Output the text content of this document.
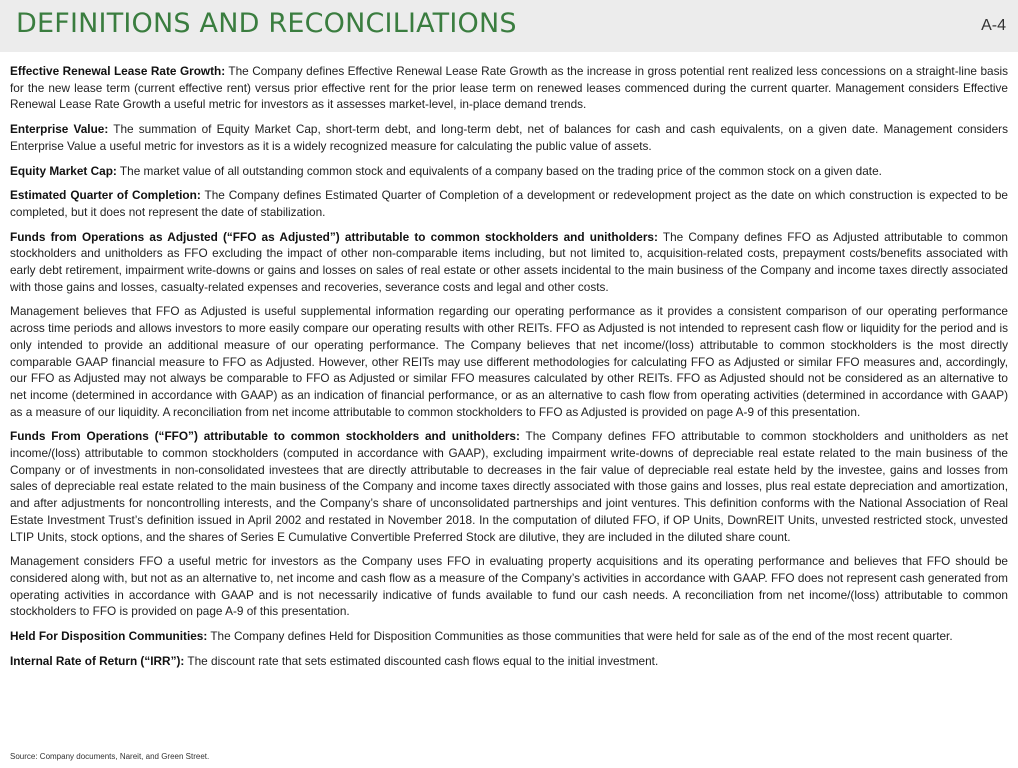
DEFINITIONS AND RECONCILIATIONS	A-4

Effective Renewal Lease Rate Growth: The Company defines Effective Renewal Lease Rate Growth as the increase in gross potential rent realized less concessions on a straight-line basis for the new lease term (current effective rent) versus prior effective rent for the prior lease term on renewed leases commenced during the current quarter. Management considers Effective Renewal Lease Rate Growth a useful metric for investors as it assesses market-level, in-place demand trends.

Enterprise Value: The summation of Equity Market Cap, short-term debt, and long-term debt, net of balances for cash and cash equivalents, on a given date. Management considers Enterprise Value a useful metric for investors as it is a widely recognized measure for calculating the public value of assets.

Equity Market Cap: The market value of all outstanding common stock and equivalents of a company based on the trading price of the common stock on a given date.

Estimated Quarter of Completion: The Company defines Estimated Quarter of Completion of a development or redevelopment project as the date on which construction is expected to be completed, but it does not represent the date of stabilization.

Funds from Operations as Adjusted (“FFO as Adjusted”) attributable to common stockholders and unitholders: The Company defines FFO as Adjusted attributable to common stockholders and unitholders as FFO excluding the impact of other non-comparable items including, but not limited to, acquisition-related costs, prepayment costs/benefits associated with early debt retirement, impairment write-downs or gains and losses on sales of real estate or other assets incidental to the main business of the Company and income taxes directly associated with those gains and losses, casualty-related expenses and recoveries, severance costs and legal and other costs.

Management believes that FFO as Adjusted is useful supplemental information regarding our operating performance as it provides a consistent comparison of our operating performance across time periods and allows investors to more easily compare our operating results with other REITs. FFO as Adjusted is not intended to represent cash flow or liquidity for the period and is only intended to provide an additional measure of our operating performance. The Company believes that net income/(loss) attributable to common stockholders is the most directly comparable GAAP financial measure to FFO as Adjusted. However, other REITs may use different methodologies for calculating FFO as Adjusted or similar FFO measures and, accordingly, our FFO as Adjusted may not always be comparable to FFO as Adjusted or similar FFO measures calculated by other REITs. FFO as Adjusted should not be considered as an alternative to net income (determined in accordance with GAAP) as an indication of financial performance, or as an alternative to cash flow from operating activities (determined in accordance with GAAP) as a measure of our liquidity. A reconciliation from net income attributable to common stockholders to FFO as Adjusted is provided on page A-9 of this presentation.

Funds From Operations (“FFO”) attributable to common stockholders and unitholders: The Company defines FFO attributable to common stockholders and unitholders as net income/(loss) attributable to common stockholders (computed in accordance with GAAP), excluding impairment write-downs of depreciable real estate related to the main business of the Company or of investments in non-consolidated investees that are directly attributable to decreases in the fair value of depreciable real estate held by the investee, gains and losses from sales of depreciable real estate related to the main business of the Company and income taxes directly associated with those gains and losses, plus real estate depreciation and amortization, and after adjustments for noncontrolling interests, and the Company’s share of unconsolidated partnerships and joint ventures. This definition conforms with the National Association of Real Estate Investment Trust’s definition issued in April 2002 and restated in November 2018. In the computation of diluted FFO, if OP Units, DownREIT Units, unvested restricted stock, unvested LTIP Units, stock options, and the shares of Series E Cumulative Convertible Preferred Stock are dilutive, they are included in the diluted share count.

Management considers FFO a useful metric for investors as the Company uses FFO in evaluating property acquisitions and its operating performance and believes that FFO should be considered along with, but not as an alternative to, net income and cash flow as a measure of the Company’s activities in accordance with GAAP. FFO does not represent cash generated from operating activities in accordance with GAAP and is not necessarily indicative of funds available to fund our cash needs. A reconciliation from net income/(loss) attributable to common stockholders to FFO is provided on page A-9 of this presentation.

Held For Disposition Communities: The Company defines Held for Disposition Communities as those communities that were held for sale as of the end of the most recent quarter.

Internal Rate of Return (“IRR”): The discount rate that sets estimated discounted cash flows equal to the initial investment.

Source: Company documents, Nareit, and Green Street.
